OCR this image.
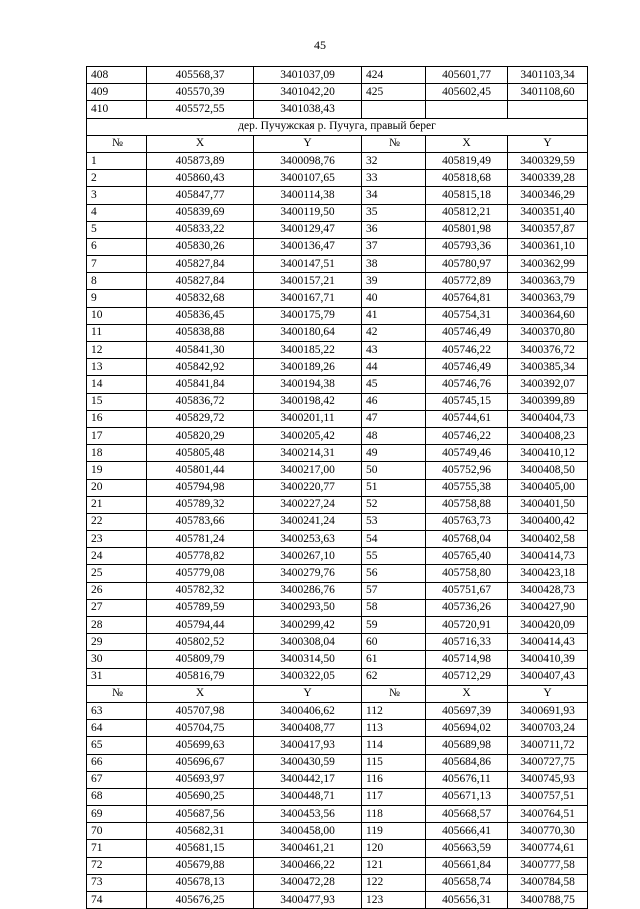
45
408	405568,37	3401037,09	424	405601,77	3401103,34
409	405570,39	3401042,20	425	405602,45	3401108,60
410	405572,55	3401038,43			
дер. Пучужская р. Пучуга, правый берег					
№	X	Y	№	X	Y
1	405873,89	3400098,76	32	405819,49	3400329,59
2	405860,43	3400107,65	33	405818,68	3400339,28
3	405847,77	3400114,38	34	405815,18	3400346,29
4	405839,69	3400119,50	35	405812,21	3400351,40
5	405833,22	3400129,47	36	405801,98	3400357,87
6	405830,26	3400136,47	37	405793,36	3400361,10
7	405827,84	3400147,51	38	405780,97	3400362,99
8	405827,84	3400157,21	39	405772,89	3400363,79
9	405832,68	3400167,71	40	405764,81	3400363,79
10	405836,45	3400175,79	41	405754,31	3400364,60
11	405838,88	3400180,64	42	405746,49	3400370,80
12	405841,30	3400185,22	43	405746,22	3400376,72
13	405842,92	3400189,26	44	405746,49	3400385,34
14	405841,84	3400194,38	45	405746,76	3400392,07
15	405836,72	3400198,42	46	405745,15	3400399,89
16	405829,72	3400201,11	47	405744,61	3400404,73
17	405820,29	3400205,42	48	405746,22	3400408,23
18	405805,48	3400214,31	49	405749,46	3400410,12
19	405801,44	3400217,00	50	405752,96	3400408,50
20	405794,98	3400220,77	51	405755,38	3400405,00
21	405789,32	3400227,24	52	405758,88	3400401,50
22	405783,66	3400241,24	53	405763,73	3400400,42
23	405781,24	3400253,63	54	405768,04	3400402,58
24	405778,82	3400267,10	55	405765,40	3400414,73
25	405779,08	3400279,76	56	405758,80	3400423,18
26	405782,32	3400286,76	57	405751,67	3400428,73
27	405789,59	3400293,50	58	405736,26	3400427,90
28	405794,44	3400299,42	59	405720,91	3400420,09
29	405802,52	3400308,04	60	405716,33	3400414,43
30	405809,79	3400314,50	61	405714,98	3400410,39
31	405816,79	3400322,05	62	405712,29	3400407,43
№	X	Y	№	X	Y
63	405707,98	3400406,62	112	405697,39	3400691,93
64	405704,75	3400408,77	113	405694,02	3400703,24
65	405699,63	3400417,93	114	405689,98	3400711,72
66	405696,67	3400430,59	115	405684,86	3400727,75
67	405693,97	3400442,17	116	405676,11	3400745,93
68	405690,25	3400448,71	117	405671,13	3400757,51
69	405687,56	3400453,56	118	405668,57	3400764,51
70	405682,31	3400458,00	119	405666,41	3400770,30
71	405681,15	3400461,21	120	405663,59	3400774,61
72	405679,88	3400466,22	121	405661,84	3400777,58
73	405678,13	3400472,28	122	405658,74	3400784,58
74	405676,25	3400477,93	123	405656,31	3400788,75
